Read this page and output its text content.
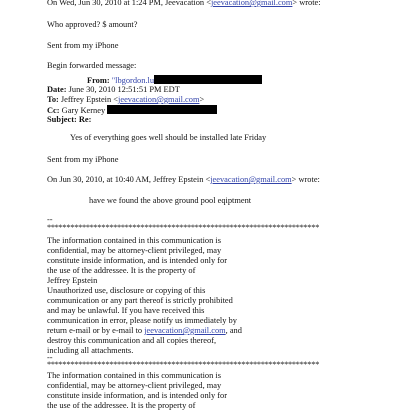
On Wed, Jun 30, 2010 at 1:24 PM, Jeevacation <jeevacation@gmail.com> wrote:
Who approved? $ amount?
Sent from my iPhone
Begin forwarded message:
From: "lbgordon.lu
Date: June 30, 2010 12:51:51 PM EDT
To: Jeffrey Epstein <jeevacation@gmail.com>
Cc: Gary Kerney
Subject: Re:
Yes of everything goes well should be installed late Friday
Sent from my iPhone
On Jun 30, 2010, at 10:40 AM, Jeffrey Epstein <jeevacation@gmail.com> wrote:
have we found the above ground pool eqiptment
--
**********************************************************************
The information contained in this communication is
confidential, may be attorney-client privileged, may
constitute inside information, and is intended only for
the use of the addressee. It is the property of
Jeffrey Epstein
Unauthorized use, disclosure or copying of this
communication or any part thereof is strictly prohibited
and may be unlawful. If you have received this
communication in error, please notify us immediately by
return e-mail or by e-mail to jeevacation@gmail.com, and
destroy this communication and all copies thereof,
including all attachments.
--
**********************************************************************
The information contained in this communication is
confidential, may be attorney-client privileged, may
constitute inside information, and is intended only for
the use of the addressee. It is the property of
